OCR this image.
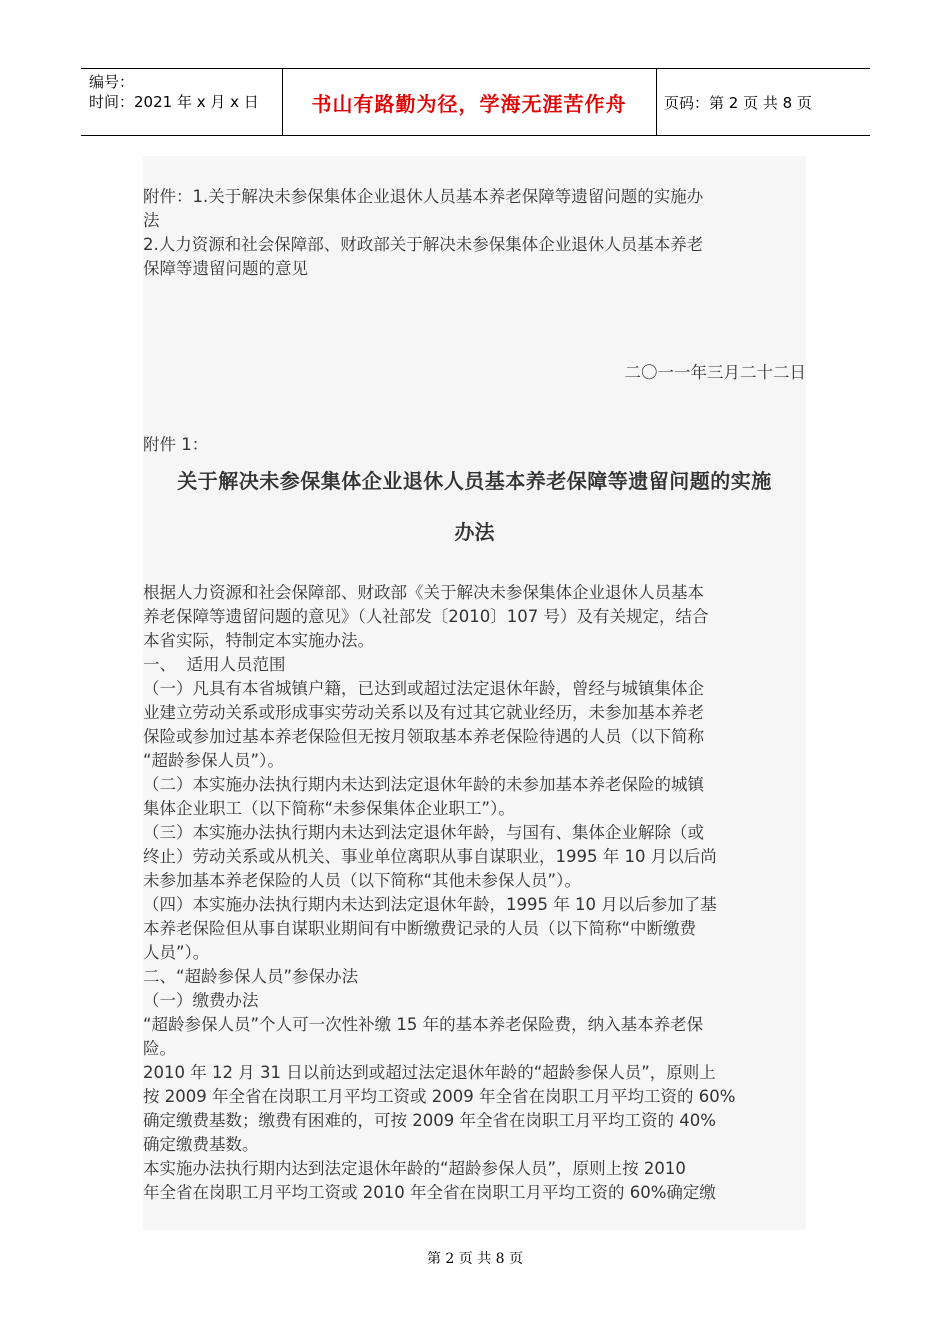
编号：
时间：2021 年 x 月 x 日	书山有路勤为径，学海无涯苦作舟	页码：第 2 页 共 8 页

附件：1.关于解决未参保集体企业退休人员基本养老保障等遗留问题的实施办

法

2.人力资源和社会保障部、财政部关于解决未参保集体企业退休人员基本养老

保障等遗留问题的意见

二〇一一年三月二十二日
附件 1：
关于解决未参保集体企业退休人员基本养老保障等遗留问题的实施
办法

根据人力资源和社会保障部、财政部《关于解决未参保集体企业退休人员基本

养老保障等遗留问题的意见》（人社部发〔2010〕107 号）及有关规定，结合

本省实际，特制定本实施办法。

一、  适用人员范围

（一）凡具有本省城镇户籍，已达到或超过法定退休年龄，曾经与城镇集体企

业建立劳动关系或形成事实劳动关系以及有过其它就业经历，未参加基本养老

保险或参加过基本养老保险但无按月领取基本养老保险待遇的人员（以下简称

“超龄参保人员”）。

（二）本实施办法执行期内未达到法定退休年龄的未参加基本养老保险的城镇

集体企业职工（以下简称“未参保集体企业职工”）。

（三）本实施办法执行期内未达到法定退休年龄，与国有、集体企业解除（或

终止）劳动关系或从机关、事业单位离职从事自谋职业，1995 年 10 月以后尚

未参加基本养老保险的人员（以下简称“其他未参保人员”）。

（四）本实施办法执行期内未达到法定退休年龄，1995 年 10 月以后参加了基

本养老保险但从事自谋职业期间有中断缴费记录的人员（以下简称“中断缴费

人员”）。

二、“超龄参保人员”参保办法

（一）缴费办法

“超龄参保人员”个人可一次性补缴 15 年的基本养老保险费，纳入基本养老保

险。

2010 年 12 月 31 日以前达到或超过法定退休年龄的“超龄参保人员”，原则上

按 2009 年全省在岗职工月平均工资或 2009 年全省在岗职工月平均工资的 60%

确定缴费基数；缴费有困难的，可按 2009 年全省在岗职工月平均工资的 40%

确定缴费基数。

本实施办法执行期内达到法定退休年龄的“超龄参保人员”，原则上按 2010

年全省在岗职工月平均工资或 2010 年全省在岗职工月平均工资的 60%确定缴

第 2 页 共 8 页
